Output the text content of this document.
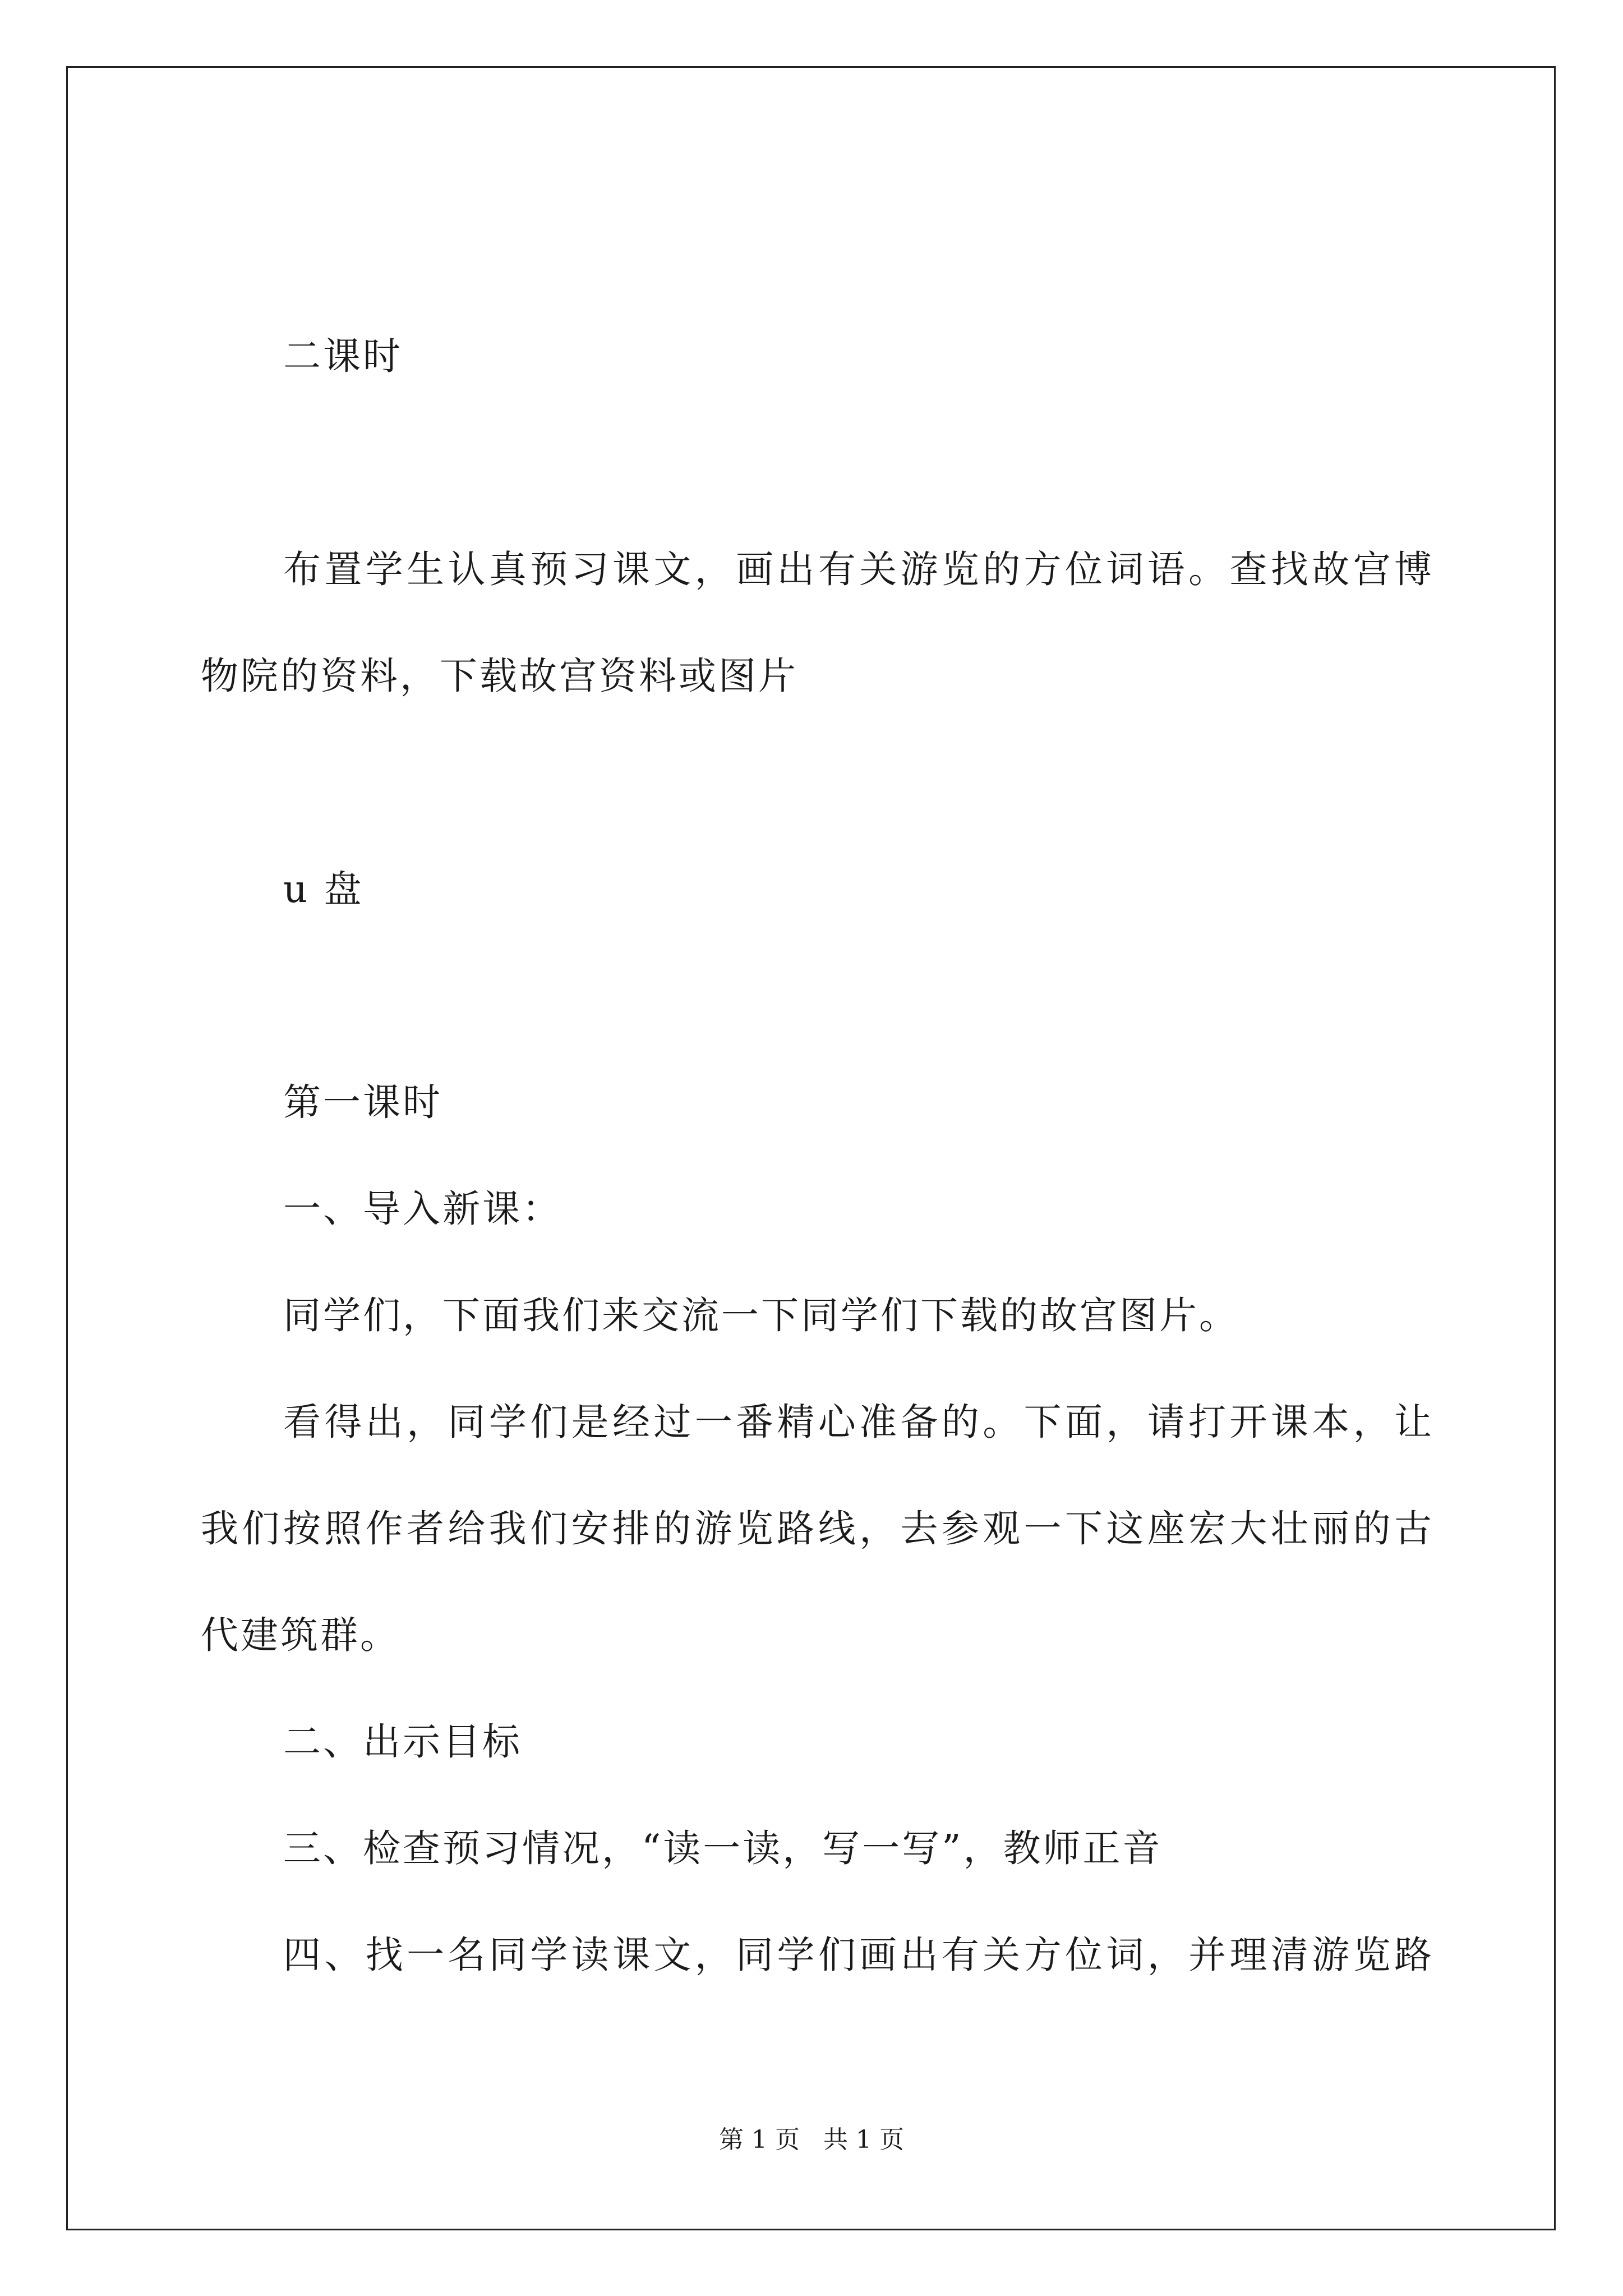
二课时
布置学生认真预习课文，画出有关游览的方位词语。查找故宫博
物院的资料，下载故宫资料或图片
u 盘
第一课时
一、导入新课：
同学们，下面我们来交流一下同学们下载的故宫图片。
看得出，同学们是经过一番精心准备的。下面，请打开课本，让
我们按照作者给我们安排的游览路线，去参观一下这座宏大壮丽的古
代建筑群。
二、出示目标
三、检查预习情况，“读一读，写一写”，教师正音
四、找一名同学读课文，同学们画出有关方位词，并理清游览路
第 1 页   共 1 页
